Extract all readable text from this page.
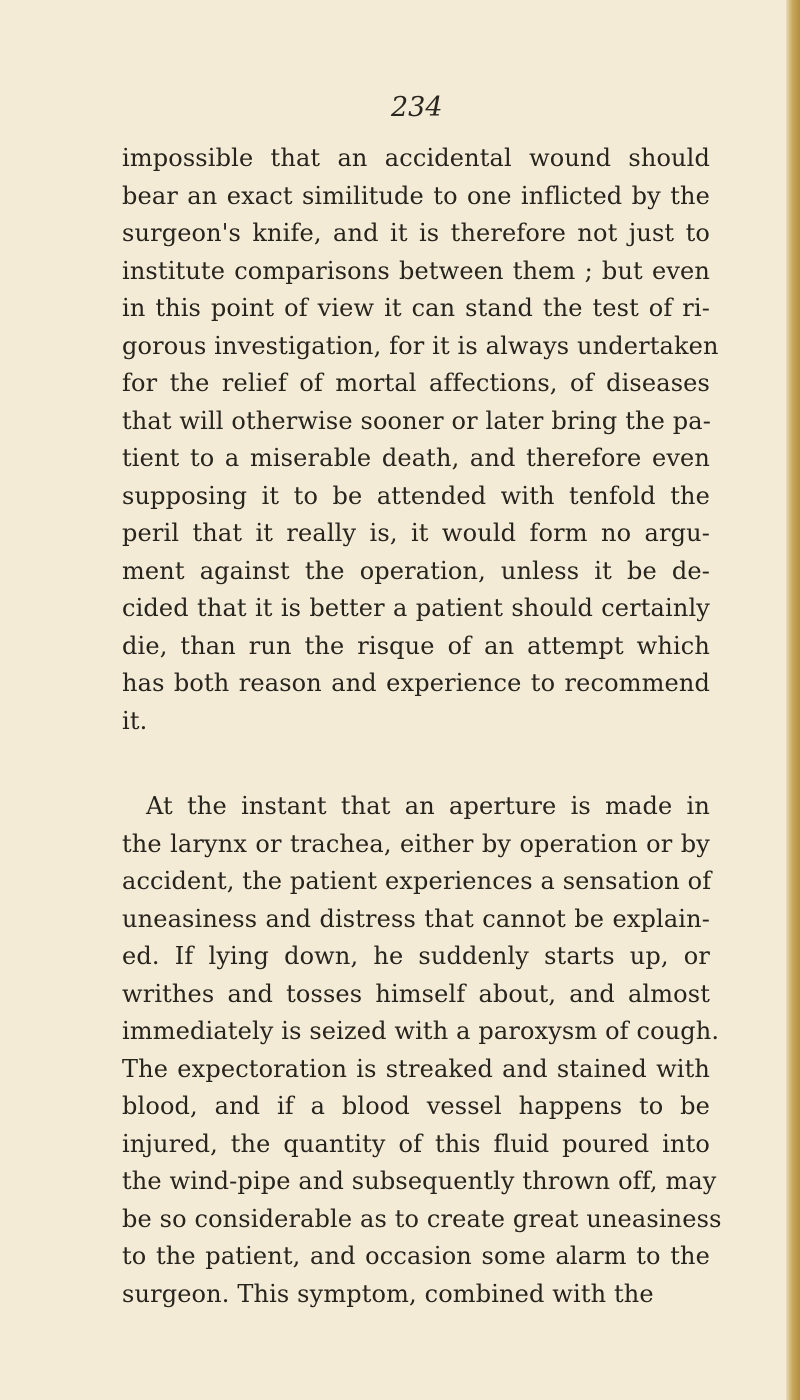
234
impossible that an accidental wound should
bear an exact similitude to one inflicted by the
surgeon's knife, and it is therefore not just to
institute comparisons between them ; but even
in this point of view it can stand the test of ri-
gorous investigation, for it is always undertaken
for the relief of mortal affections, of diseases
that will otherwise sooner or later bring the pa-
tient to a miserable death, and therefore even
supposing it to be attended with tenfold the
peril that it really is, it would form no argu-
ment against the operation, unless it be de-
cided that it is better a patient should certainly
die, than run the risque of an attempt which
has both reason and experience to recommend
it.
At the instant that an aperture is made in
the larynx or trachea, either by operation or by
accident, the patient experiences a sensation of
uneasiness and distress that cannot be explain-
ed. If lying down, he suddenly starts up, or
writhes and tosses himself about, and almost
immediately is seized with a paroxysm of cough.
The expectoration is streaked and stained with
blood, and if a blood vessel happens to be
injured, the quantity of this fluid poured into
the wind-pipe and subsequently thrown off, may
be so considerable as to create great uneasiness
to the patient, and occasion some alarm to the
surgeon. This symptom, combined with the
